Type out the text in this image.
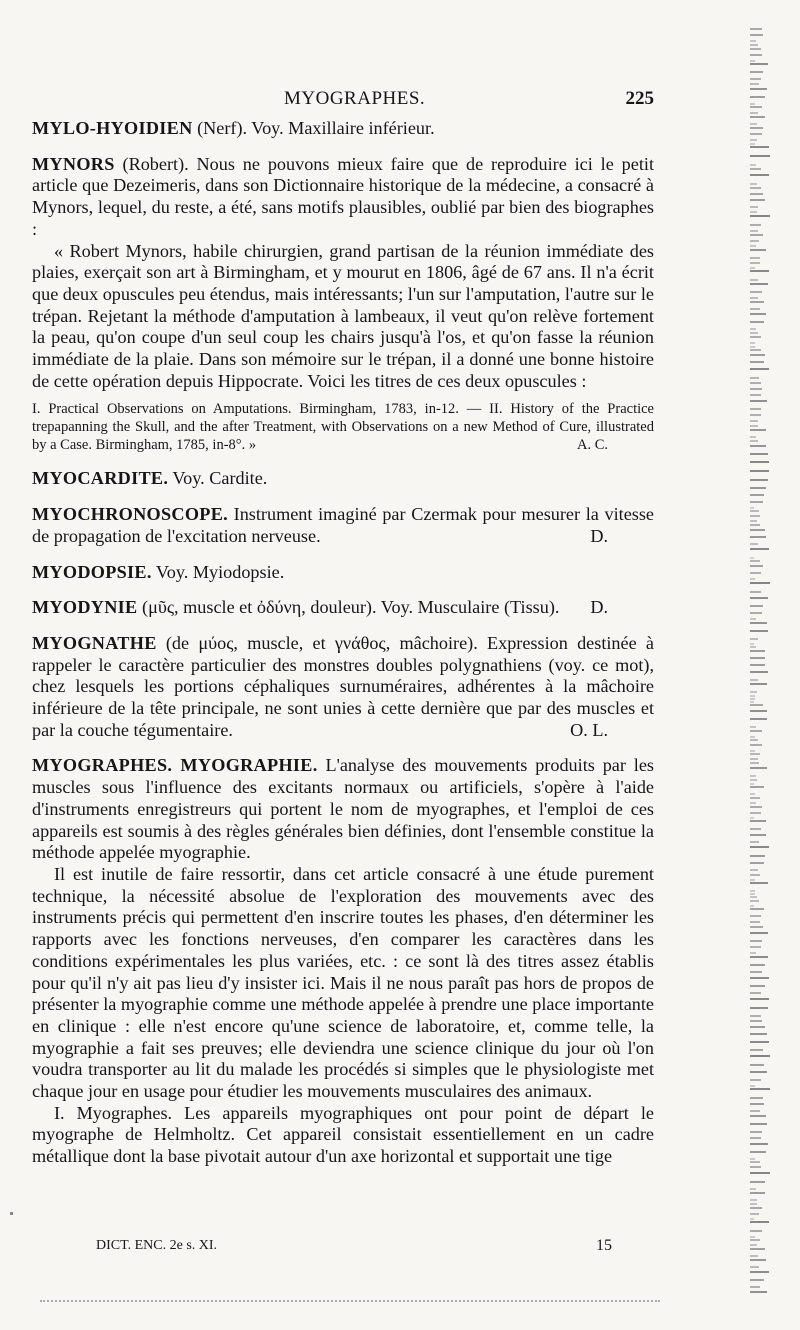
MYOGRAPHES.	225

MYLO-HYOIDIEN (Nerf). Voy. Maxillaire inférieur.

MYNORS (Robert). Nous ne pouvons mieux faire que de reproduire ici le petit article que Dezeimeris, dans son Dictionnaire historique de la médecine, a consacré à Mynors, lequel, du reste, a été, sans motifs plausibles, oublié par bien des biographes :

« Robert Mynors, habile chirurgien, grand partisan de la réunion immédiate des plaies, exerçait son art à Birmingham, et y mourut en 1806, âgé de 67 ans. Il n'a écrit que deux opuscules peu étendus, mais intéressants; l'un sur l'amputation, l'autre sur le trépan. Rejetant la méthode d'amputation à lambeaux, il veut qu'on relève fortement la peau, qu'on coupe d'un seul coup les chairs jusqu'à l'os, et qu'on fasse la réunion immédiate de la plaie. Dans son mémoire sur le trépan, il a donné une bonne histoire de cette opération depuis Hippocrate. Voici les titres de ces deux opuscules :

I. Practical Observations on Amputations. Birmingham, 1783, in-12. — II. History of the Practice trepapanning the Skull, and the after Treatment, with Observations on a new Method of Cure, illustrated by a Case. Birmingham, 1785, in-8°. »	A. C.

MYOCARDITE. Voy. Cardite.

MYOCHRONOSCOPE. Instrument imaginé par Czermak pour mesurer la vitesse de propagation de l'excitation nerveuse.	D.

MYODOPSIE. Voy. Myiodopsie.

MYODYNIE (μῦς, muscle et ὀδύνη, douleur). Voy. Musculaire (Tissu). D.

MYOGNATHE (de μύος, muscle, et γνάθος, mâchoire). Expression destinée à rappeler le caractère particulier des monstres doubles polygnathiens (voy. ce mot), chez lesquels les portions céphaliques surnuméraires, adhérentes à la mâchoire inférieure de la tête principale, ne sont unies à cette dernière que par des muscles et par la couche tégumentaire.	O. L.

MYOGRAPHES. MYOGRAPHIE. L'analyse des mouvements produits par les muscles sous l'influence des excitants normaux ou artificiels, s'opère à l'aide d'instruments enregistreurs qui portent le nom de myographes, et l'emploi de ces appareils est soumis à des règles générales bien définies, dont l'ensemble constitue la méthode appelée myographie.

Il est inutile de faire ressortir, dans cet article consacré à une étude purement technique, la nécessité absolue de l'exploration des mouvements avec des instruments précis qui permettent d'en inscrire toutes les phases, d'en déterminer les rapports avec les fonctions nerveuses, d'en comparer les caractères dans les conditions expérimentales les plus variées, etc. : ce sont là des titres assez établis pour qu'il n'y ait pas lieu d'y insister ici. Mais il ne nous paraît pas hors de propos de présenter la myographie comme une méthode appelée à prendre une place importante en clinique : elle n'est encore qu'une science de laboratoire, et, comme telle, la myographie a fait ses preuves; elle deviendra une science clinique du jour où l'on voudra transporter au lit du malade les procédés si simples que le physiologiste met chaque jour en usage pour étudier les mouvements musculaires des animaux.

I. Myographes. Les appareils myographiques ont pour point de départ le myographe de Helmholtz. Cet appareil consistait essentiellement en un cadre métallique dont la base pivotait autour d'un axe horizontal et supportait une tige

DICT. ENC. 2e s. XI.	15
